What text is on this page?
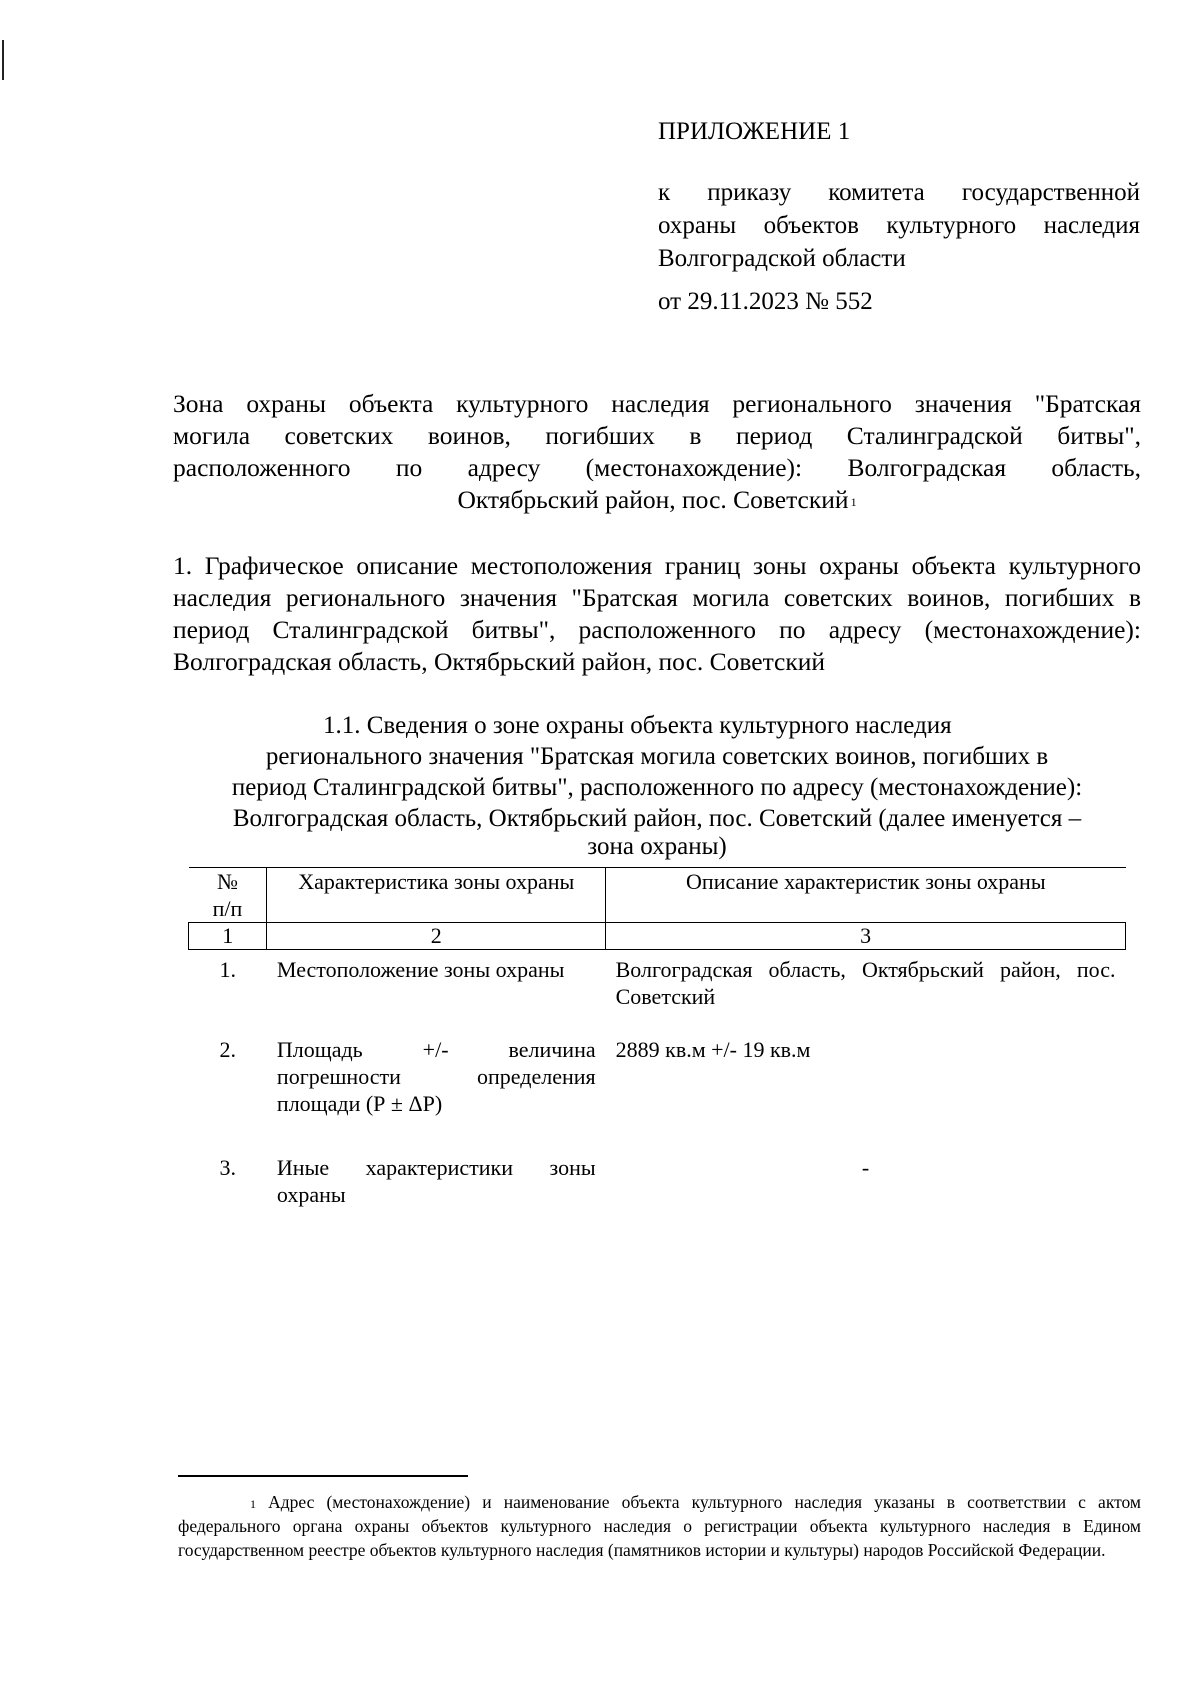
ПРИЛОЖЕНИЕ 1
к приказу комитета государственной
охраны объектов культурного наследия
Волгоградской области
от 29.11.2023 № 552
Зона охраны объекта культурного наследия регионального значения "Братская
могила советских воинов, погибших в период Сталинградской битвы",
расположенного по адресу (местонахождение): Волгоградская область,
Октябрьский район, пос. Советский $^1$
1. Графическое описание местоположения границ зоны охраны объекта культурного наследия регионального значения "Братская могила советских воинов, погибших в период Сталинградской битвы", расположенного по адресу (местонахождение): Волгоградская область, Октябрьский район, пос. Советский
1.1. Сведения о зоне охраны объекта культурного наследия
регионального значения "Братская могила советских воинов, погибших в
период Сталинградской битвы", расположенного по адресу (местонахождение):
Волгоградская область, Октябрьский район, пос. Советский (далее именуется –
зона охраны)
№
п/п	Характеристика зоны охраны	Описание характеристик зоны охраны
1	2	3
1.	Местоположение зоны охраны	Волгоградская область, Октябрьский район, пос. Советский
2.	Площадь +/- величина погрешности определения площади (Р ± ΔР)	2889 кв.м +/- 19 кв.м
3.	Иные характеристики зоны охраны	-
$^1$ Адрес (местонахождение) и наименование объекта культурного наследия указаны в соответствии с актом федерального органа охраны объектов культурного наследия о регистрации объекта культурного наследия в Едином государственном реестре объектов культурного наследия (памятников истории и культуры) народов Российской Федерации.
